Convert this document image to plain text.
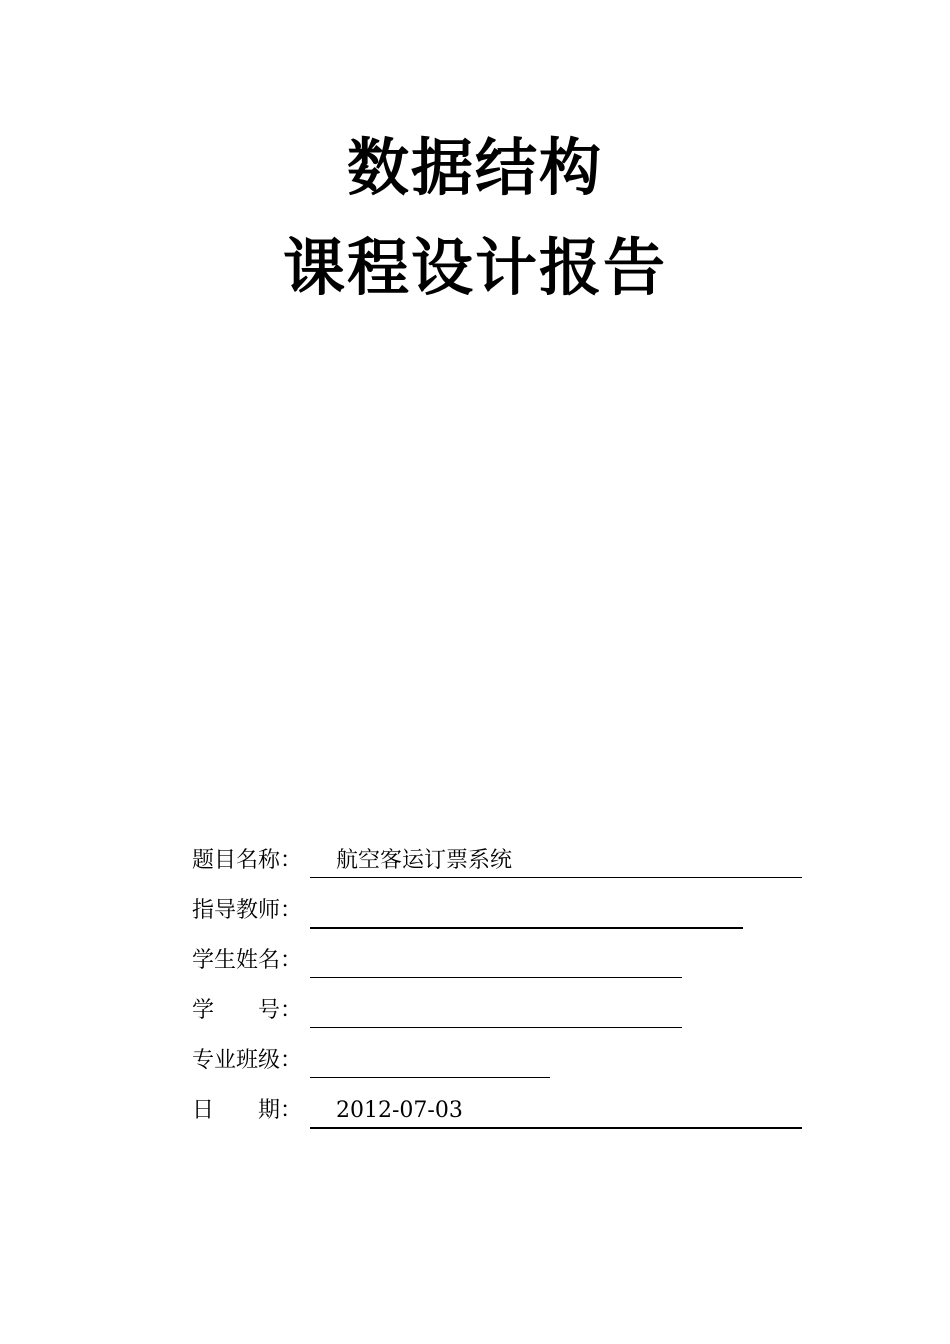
数据结构
课程设计报告
题目名称： 航空客运订票系统
指导教师：
学生姓名：
学　　号：
专业班级：
日　　期： 2012-07-03
